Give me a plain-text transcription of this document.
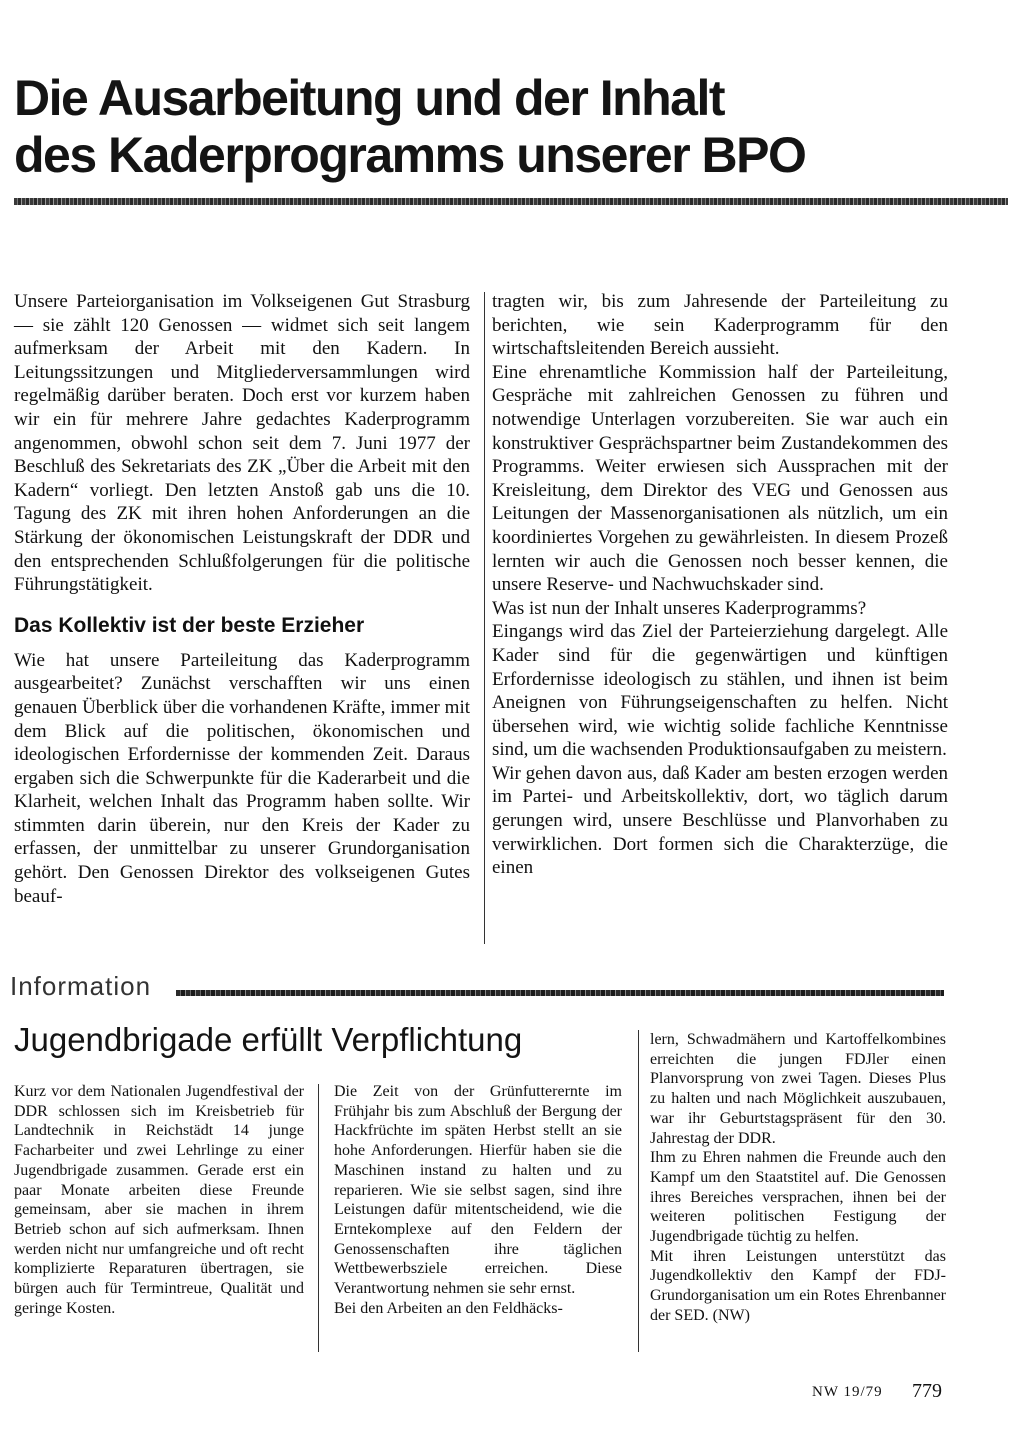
Die Ausarbeitung und der Inhalt
des Kaderprogramms unserer BPO

Unsere Parteiorganisation im Volkseigenen Gut Strasburg — sie zählt 120 Genossen — widmet sich seit langem aufmerksam der Arbeit mit den Kadern. In Leitungssitzungen und Mitgliederversammlungen wird regelmäßig darüber beraten. Doch erst vor kurzem haben wir ein für mehrere Jahre gedachtes Kaderprogramm angenommen, obwohl schon seit dem 7. Juni 1977 der Beschluß des Sekretariats des ZK „Über die Arbeit mit den Kadern“ vorliegt. Den letzten Anstoß gab uns die 10. Tagung des ZK mit ihren hohen Anforderungen an die Stärkung der ökonomischen Leistungskraft der DDR und den entsprechenden Schlußfolgerungen für die politische Führungstätigkeit.

Das Kollektiv ist der beste Erzieher

Wie hat unsere Parteileitung das Kaderprogramm ausgearbeitet? Zunächst verschafften wir uns einen genauen Überblick über die vorhandenen Kräfte, immer mit dem Blick auf die politischen, ökonomischen und ideologischen Erfordernisse der kommenden Zeit. Daraus ergaben sich die Schwerpunkte für die Kaderarbeit und die Klarheit, welchen Inhalt das Programm haben sollte. Wir stimmten darin überein, nur den Kreis der Kader zu erfassen, der unmittelbar zu unserer Grundorganisation gehört. Den Genossen Direktor des volkseigenen Gutes beauf-

tragten wir, bis zum Jahresende der Parteileitung zu berichten, wie sein Kaderprogramm für den wirtschaftsleitenden Bereich aussieht.

Eine ehrenamtliche Kommission half der Parteileitung, Gespräche mit zahlreichen Genossen zu führen und notwendige Unterlagen vorzubereiten. Sie war auch ein konstruktiver Gesprächspartner beim Zustandekommen des Programms. Weiter erwiesen sich Aussprachen mit der Kreisleitung, dem Direktor des VEG und Genossen aus Leitungen der Massenorganisationen als nützlich, um ein koordiniertes Vorgehen zu gewährleisten. In diesem Prozeß lernten wir auch die Genossen noch besser kennen, die unsere Reserve- und Nachwuchskader sind.

Was ist nun der Inhalt unseres Kaderprogramms?

Eingangs wird das Ziel der Parteierziehung dargelegt. Alle Kader sind für die gegenwärtigen und künftigen Erfordernisse ideologisch zu stählen, und ihnen ist beim Aneignen von Führungseigenschaften zu helfen. Nicht übersehen wird, wie wichtig solide fachliche Kenntnisse sind, um die wachsenden Produktionsaufgaben zu meistern.

Wir gehen davon aus, daß Kader am besten erzogen werden im Partei- und Arbeitskollektiv, dort, wo täglich darum gerungen wird, unsere Beschlüsse und Planvorhaben zu verwirklichen. Dort formen sich die Charakterzüge, die einen

Information
Jugendbrigade erfüllt Verpflichtung

Kurz vor dem Nationalen Jugendfestival der DDR schlossen sich im Kreisbetrieb für Landtechnik in Reichstädt 14 junge Facharbeiter und zwei Lehrlinge zu einer Jugendbrigade zusammen. Gerade erst ein paar Monate arbeiten diese Freunde gemeinsam, aber sie machen in ihrem Betrieb schon auf sich aufmerksam. Ihnen werden nicht nur umfangreiche und oft recht komplizierte Reparaturen übertragen, sie bürgen auch für Termintreue, Qualität und geringe Kosten.

Die Zeit von der Grünfutterernte im Frühjahr bis zum Abschluß der Bergung der Hackfrüchte im späten Herbst stellt an sie hohe Anforderungen. Hierfür haben sie die Maschinen instand zu halten und zu reparieren. Wie sie selbst sagen, sind ihre Leistungen dafür mitentscheidend, wie die Erntekomplexe auf den Feldern der Genossenschaften ihre täglichen Wettbewerbsziele erreichen. Diese Verantwortung nehmen sie sehr ernst.

Bei den Arbeiten an den Feldhäcks-

lern, Schwadmähern und Kartoffelkombines erreichten die jungen FDJler einen Planvorsprung von zwei Tagen. Dieses Plus zu halten und nach Möglichkeit auszubauen, war ihr Geburtstagspräsent für den 30. Jahrestag der DDR.

Ihm zu Ehren nahmen die Freunde auch den Kampf um den Staatstitel auf. Die Genossen ihres Bereiches versprachen, ihnen bei der weiteren politischen Festigung der Jugendbrigade tüchtig zu helfen.

Mit ihren Leistungen unterstützt das Jugendkollektiv den Kampf der FDJ-Grundorganisation um ein Rotes Ehrenbanner der SED. (NW)

NW 19/79 779
